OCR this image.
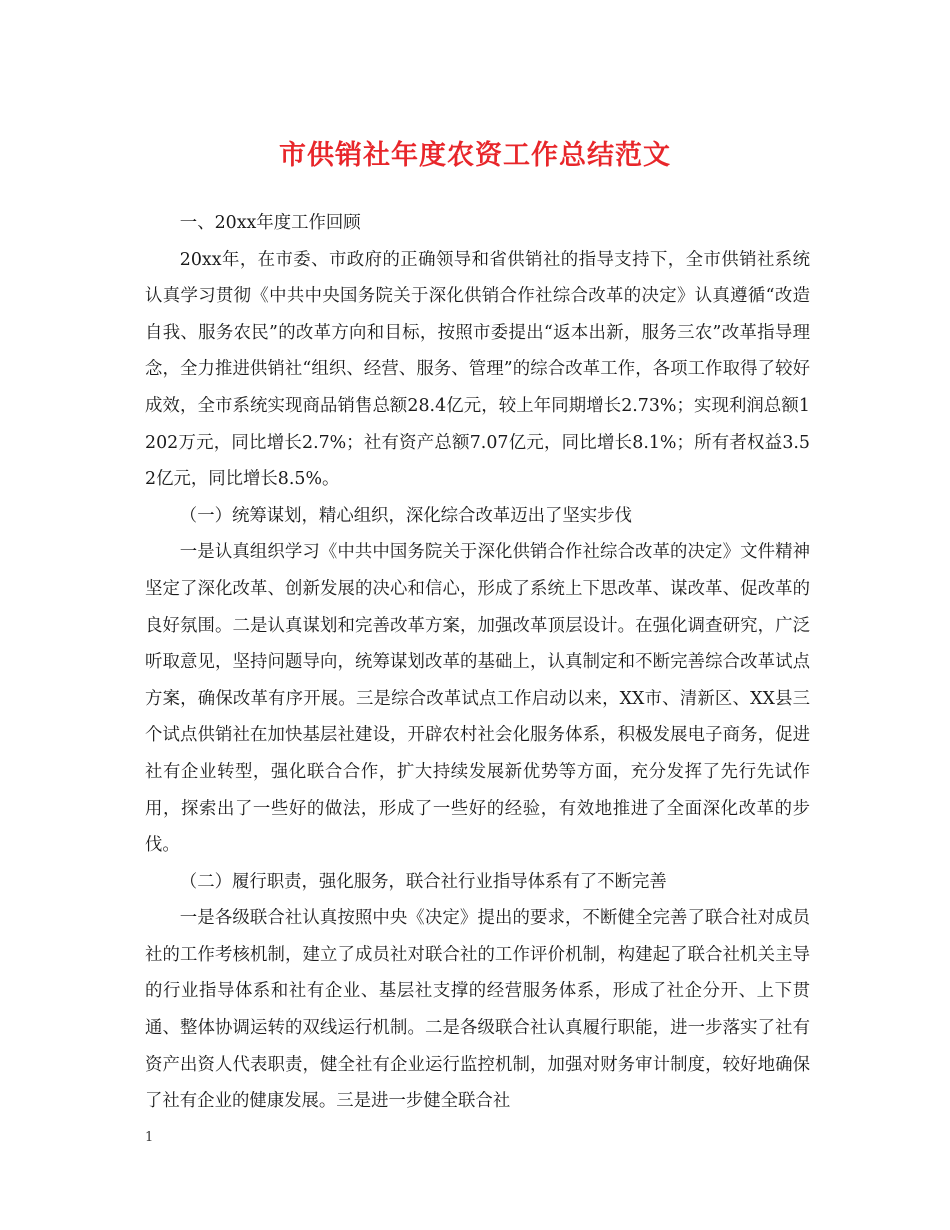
市供销社年度农资工作总结范文

一、20xx年度工作回顾

20xx年，在市委、市政府的正确领导和省供销社的指导支持下，全市供销社系统认真学习贯彻《中共中央国务院关于深化供销合作社综合改革的决定》认真遵循“改造自我、服务农民”的改革方向和目标，按照市委提出“返本出新，服务三农”改革指导理念，全力推进供销社“组织、经营、服务、管理”的综合改革工作，各项工作取得了较好成效，全市系统实现商品销售总额28.4亿元，较上年同期增长2.73%；实现利润总额1202万元，同比增长2.7%；社有资产总额7.07亿元，同比增长8.1%；所有者权益3.52亿元，同比增长8.5%。

（一）统筹谋划，精心组织，深化综合改革迈出了坚实步伐

一是认真组织学习《中共中国务院关于深化供销合作社综合改革的决定》文件精神坚定了深化改革、创新发展的决心和信心，形成了系统上下思改革、谋改革、促改革的良好氛围。二是认真谋划和完善改革方案，加强改革顶层设计。在强化调查研究，广泛听取意见，坚持问题导向，统筹谋划改革的基础上，认真制定和不断完善综合改革试点方案，确保改革有序开展。三是综合改革试点工作启动以来，XX市、清新区、XX县三个试点供销社在加快基层社建设，开辟农村社会化服务体系，积极发展电子商务，促进社有企业转型，强化联合合作，扩大持续发展新优势等方面，充分发挥了先行先试作用，探索出了一些好的做法，形成了一些好的经验，有效地推进了全面深化改革的步伐。

（二）履行职责，强化服务，联合社行业指导体系有了不断完善

一是各级联合社认真按照中央《决定》提出的要求，不断健全完善了联合社对成员社的工作考核机制，建立了成员社对联合社的工作评价机制，构建起了联合社机关主导的行业指导体系和社有企业、基层社支撑的经营服务体系，形成了社企分开、上下贯通、整体协调运转的双线运行机制。二是各级联合社认真履行职能，进一步落实了社有资产出资人代表职责，健全社有企业运行监控机制，加强对财务审计制度，较好地确保了社有企业的健康发展。三是进一步健全联合社

1
